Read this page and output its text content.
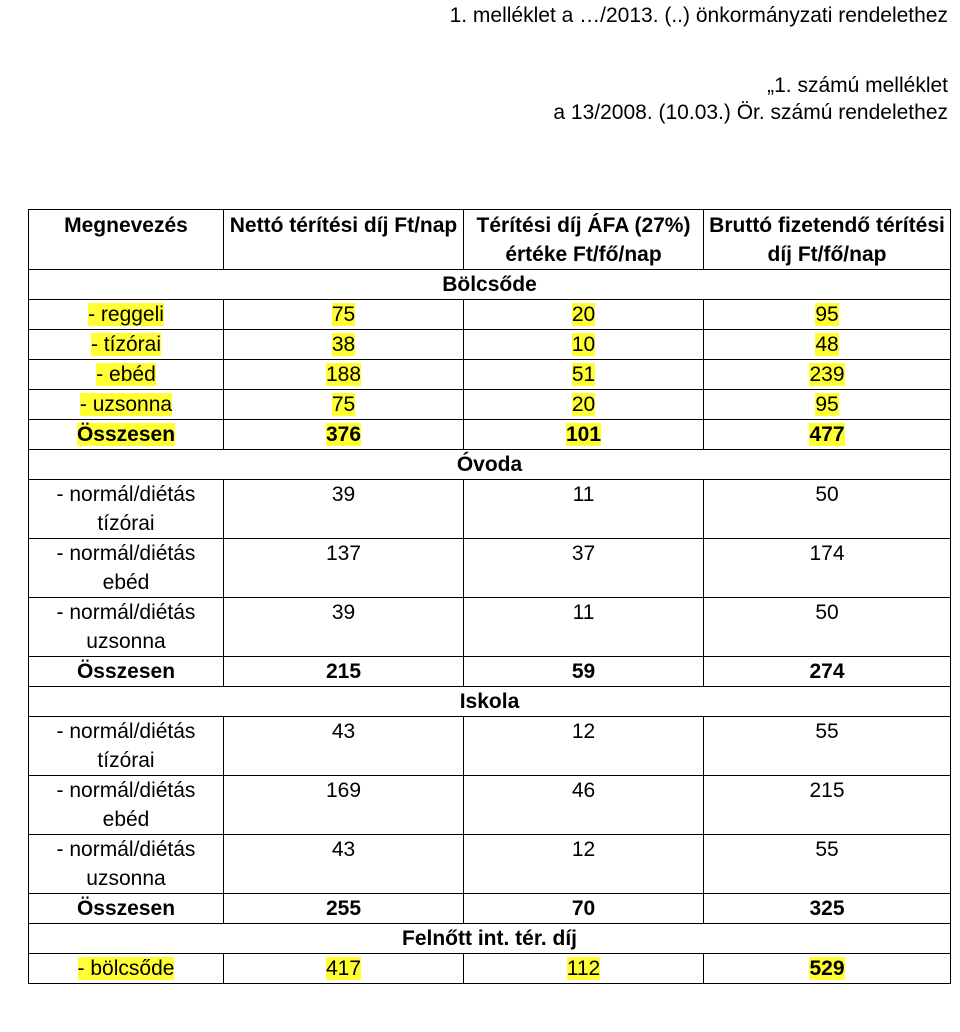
1. melléklet a …/2013. (..) önkormányzati rendelethez
„1. számú melléklet
a 13/2008. (10.03.) Ör. számú rendelethez
Megnevezés	Nettó térítési díj Ft/nap	Térítési díj ÁFA (27%) értéke Ft/fő/nap	Bruttó fizetendő térítési díj Ft/fő/nap
Bölcsőde			
- reggeli	75	20	95
- tízórai	38	10	48
- ebéd	188	51	239
- uzsonna	75	20	95
Összesen	376	101	477
Óvoda			
- normál/diétás tízórai	39	11	50
- normál/diétás ebéd	137	37	174
- normál/diétás uzsonna	39	11	50
Összesen	215	59	274
Iskola			
- normál/diétás tízórai	43	12	55
- normál/diétás ebéd	169	46	215
- normál/diétás uzsonna	43	12	55
Összesen	255	70	325
Felnőtt int. tér. díj			
- bölcsőde	417	112	529
